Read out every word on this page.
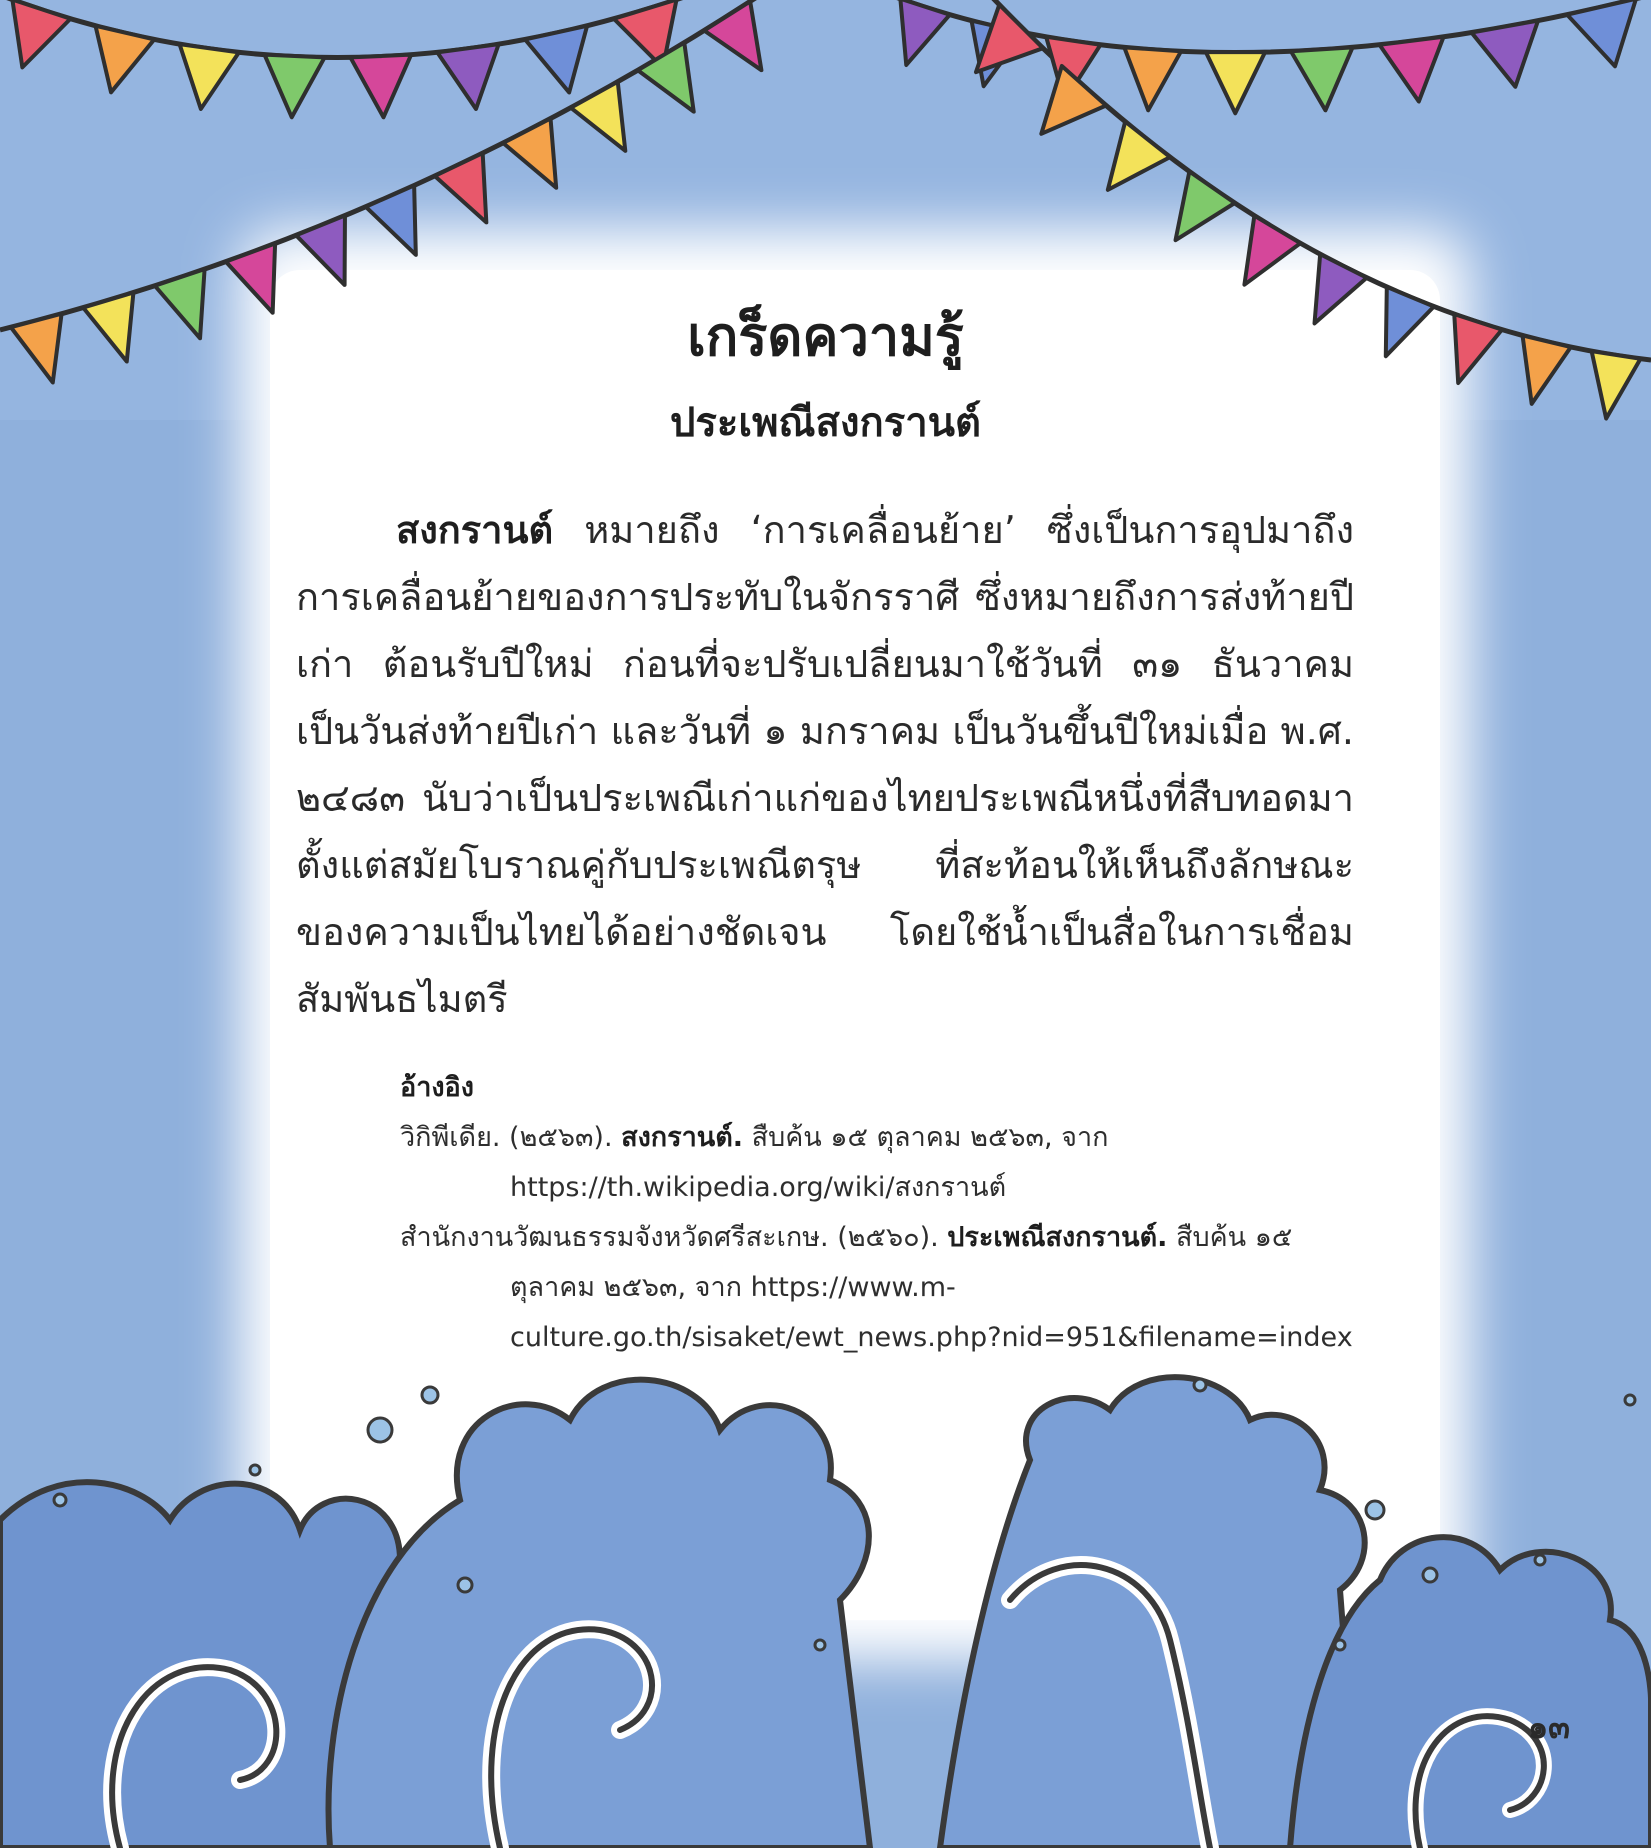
เกร็ดความรู้
ประเพณีสงกรานต์

สงกรานต์ หมายถึง ‘การเคลื่อนย้าย’ ซึ่งเป็นการอุปมาถึงการเคลื่อนย้ายของการประทับในจักรราศี ซึ่งหมายถึงการส่งท้ายปีเก่า ต้อนรับปีใหม่ ก่อนที่จะปรับเปลี่ยนมาใช้วันที่ ๓๑ ธันวาคม เป็นวันส่งท้ายปีเก่า และวันที่ ๑ มกราคม เป็นวันขึ้นปีใหม่เมื่อ พ.ศ. ๒๔๘๓ นับว่าเป็นประเพณีเก่าแก่ของไทยประเพณีหนึ่งที่สืบทอดมาตั้งแต่สมัยโบราณคู่กับประเพณีตรุษ ที่สะท้อนให้เห็นถึงลักษณะของความเป็นไทยได้อย่างชัดเจน โดยใช้น้ำเป็นสื่อในการเชื่อมสัมพันธไมตรี

อ้างอิง

วิกิพีเดีย. (๒๕๖๓). สงกรานต์. สืบค้น ๑๕ ตุลาคม ๒๕๖๓, จาก https://th.wikipedia.org/wiki/สงกรานต์

สำนักงานวัฒนธรรมจังหวัดศรีสะเกษ. (๒๕๖๐). ประเพณีสงกรานต์. สืบค้น ๑๕ ตุลาคม ๒๕๖๓, จาก https://www.m-culture.go.th/sisaket/ewt_news.php?nid=951&filename=index

๑๓
